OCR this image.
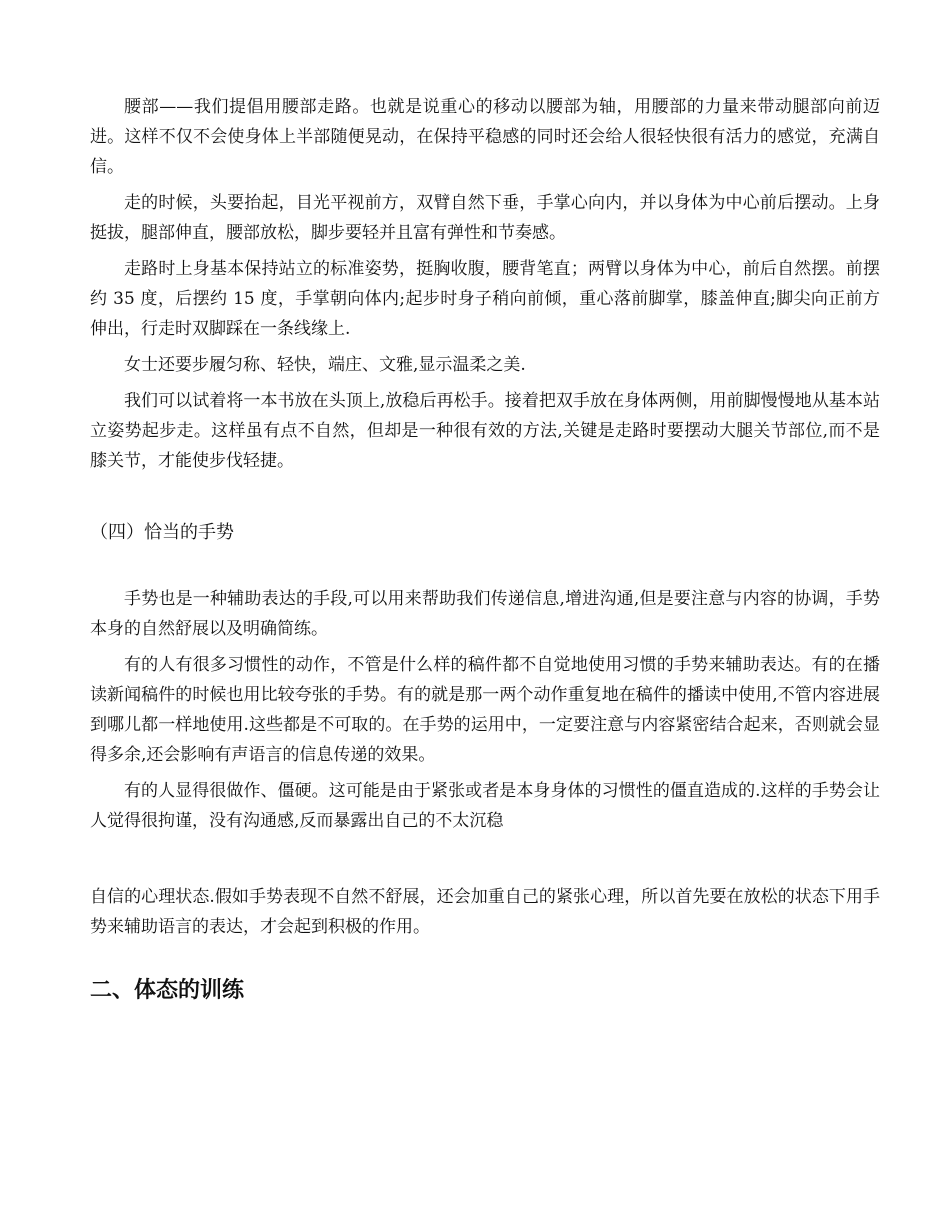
腰部——我们提倡用腰部走路。也就是说重心的移动以腰部为轴，用腰部的力量来带动腿部向前迈进。这样不仅不会使身体上半部随便晃动，在保持平稳感的同时还会给人很轻快很有活力的感觉，充满自信。

走的时候，头要抬起，目光平视前方，双臂自然下垂，手掌心向内，并以身体为中心前后摆动。上身挺拔，腿部伸直，腰部放松，脚步要轻并且富有弹性和节奏感。

走路时上身基本保持站立的标准姿势，挺胸收腹，腰背笔直；两臂以身体为中心，前后自然摆。前摆约 35 度，后摆约 15 度，手掌朝向体内;起步时身子稍向前倾，重心落前脚掌，膝盖伸直;脚尖向正前方伸出，行走时双脚踩在一条线缘上.

女士还要步履匀称、轻快，端庄、文雅,显示温柔之美.

我们可以试着将一本书放在头顶上,放稳后再松手。接着把双手放在身体两侧，用前脚慢慢地从基本站立姿势起步走。这样虽有点不自然，但却是一种很有效的方法,关键是走路时要摆动大腿关节部位,而不是膝关节，才能使步伐轻捷。

（四）恰当的手势

手势也是一种辅助表达的手段,可以用来帮助我们传递信息,增进沟通,但是要注意与内容的协调，手势本身的自然舒展以及明确简练。

有的人有很多习惯性的动作，不管是什么样的稿件都不自觉地使用习惯的手势来辅助表达。有的在播读新闻稿件的时候也用比较夸张的手势。有的就是那一两个动作重复地在稿件的播读中使用,不管内容进展到哪儿都一样地使用.这些都是不可取的。在手势的运用中，一定要注意与内容紧密结合起来，否则就会显得多余,还会影响有声语言的信息传递的效果。

有的人显得很做作、僵硬。这可能是由于紧张或者是本身身体的习惯性的僵直造成的.这样的手势会让人觉得很拘谨，没有沟通感,反而暴露出自己的不太沉稳

自信的心理状态.假如手势表现不自然不舒展，还会加重自己的紧张心理，所以首先要在放松的状态下用手势来辅助语言的表达，才会起到积极的作用。

二、体态的训练
